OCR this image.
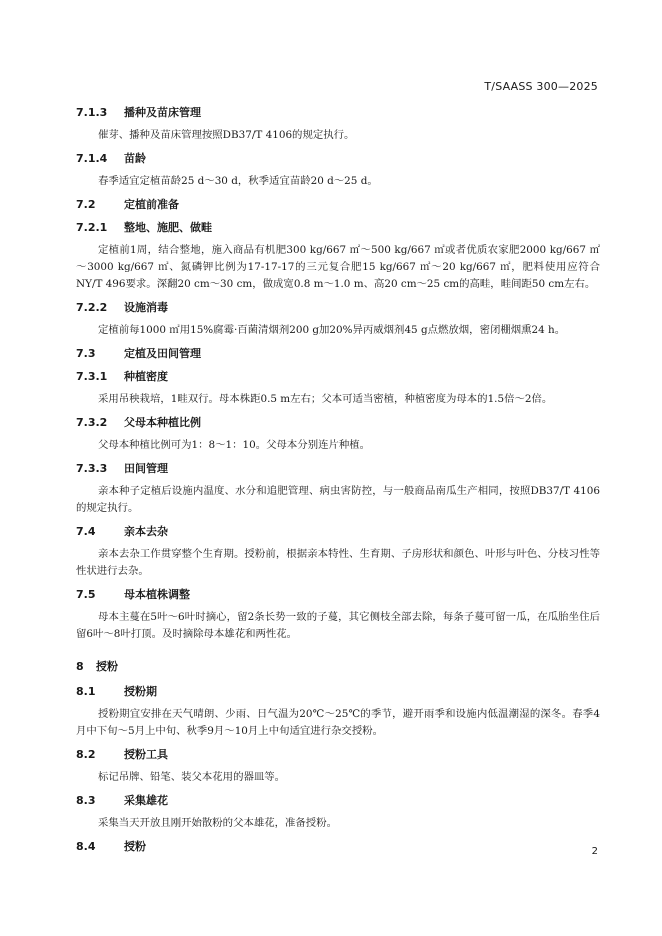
T/SAASS 300—2025
7.1.3 播种及苗床管理

催芽、播种及苗床管理按照DB37/T 4106的规定执行。

7.1.4 苗龄

春季适宜定植苗龄25 d～30 d，秋季适宜苗龄20 d～25 d。

7.2	定植前准备
7.2.1 整地、施肥、做畦

定植前1周，结合整地，施入商品有机肥300 kg/667 ㎡～500 kg/667 ㎡或者优质农家肥2000 kg/667 ㎡～3000 kg/667 ㎡、氮磷钾比例为17-17-17的三元复合肥15 kg/667 ㎡～20 kg/667 ㎡，肥料使用应符合NY/T 496要求。深翻20 cm～30 cm，做成宽0.8 m～1.0 m、高20 cm～25 cm的高畦，畦间距50 cm左右。

7.2.2 设施消毒

定植前每1000 ㎡用15%腐霉·百菌清烟剂200 g加20%异丙威烟剂45 g点燃放烟，密闭棚烟熏24 h。

7.3	定植及田间管理
7.3.1 种植密度

采用吊秧栽培，1畦双行。母本株距0.5 m左右；父本可适当密植，种植密度为母本的1.5倍～2倍。

7.3.2 父母本种植比例

父母本种植比例可为1：8～1：10。父母本分别连片种植。

7.3.3 田间管理

亲本种子定植后设施内温度、水分和追肥管理、病虫害防控，与一般商品南瓜生产相同，按照DB37/T 4106的规定执行。

7.4	亲本去杂

亲本去杂工作贯穿整个生育期。授粉前，根据亲本特性、生育期、子房形状和颜色、叶形与叶色、分枝习性等性状进行去杂。

7.5	母本植株调整

母本主蔓在5叶～6叶时摘心，留2条长势一致的子蔓，其它侧枝全部去除，每条子蔓可留一瓜，在瓜胎坐住后留6叶～8叶打顶。及时摘除母本雄花和两性花。

8 授粉
8.1	授粉期

授粉期宜安排在天气晴朗、少雨、日气温为20℃～25℃的季节，避开雨季和设施内低温潮湿的深冬。春季4月中下旬～5月上中旬、秋季9月～10月上中旬适宜进行杂交授粉。

8.2	授粉工具

标记吊牌、铅笔、装父本花用的器皿等。

8.3	采集雄花

采集当天开放且刚开始散粉的父本雄花，准备授粉。

8.4	授粉	2
